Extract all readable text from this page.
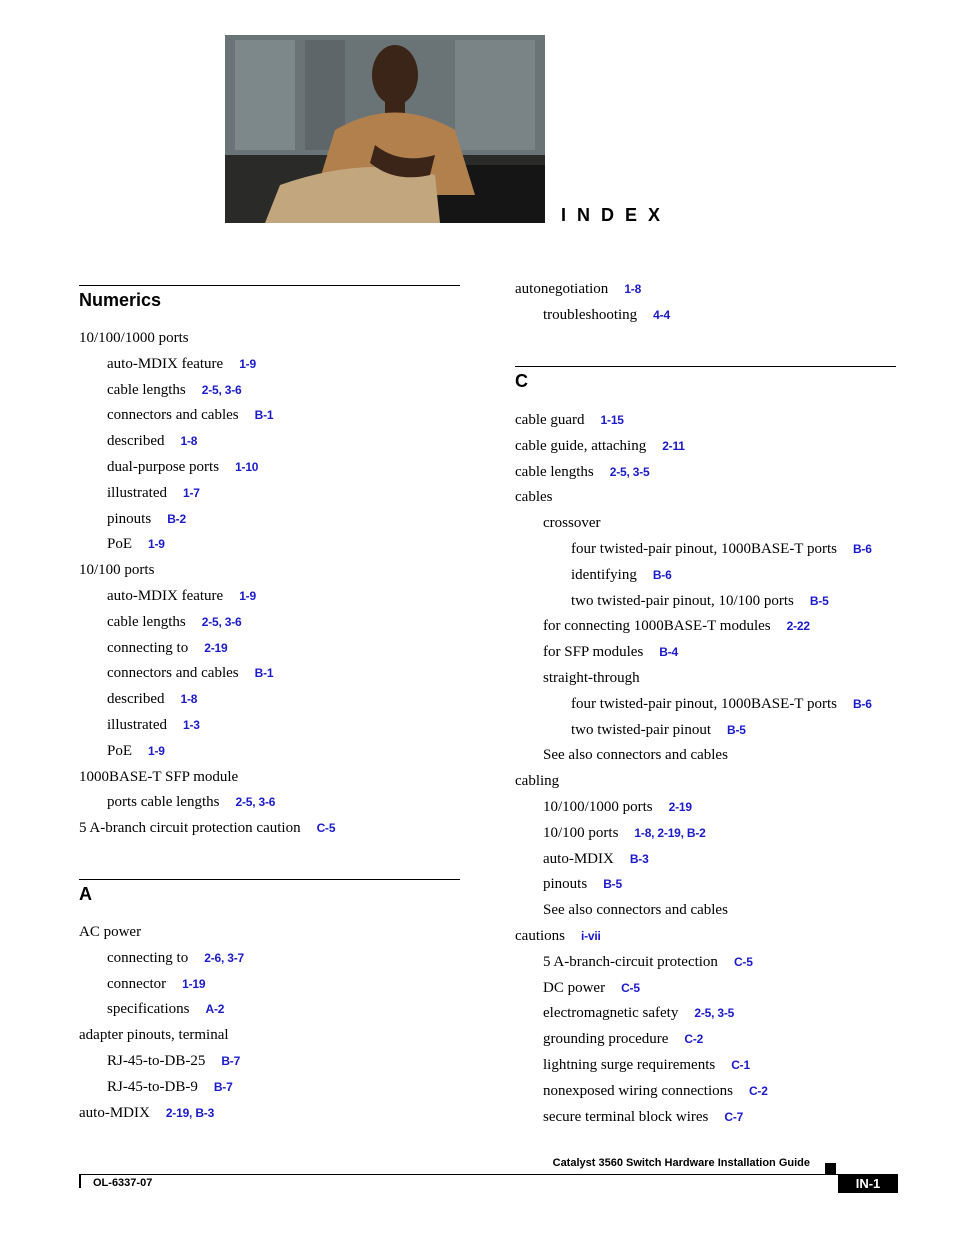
INDEX
Numerics
10/100/1000 ports
auto-MDIX feature 1-9
cable lengths 2-5, 3-6
connectors and cables B-1
described 1-8
dual-purpose ports 1-10
illustrated 1-7
pinouts B-2
PoE 1-9
10/100 ports
auto-MDIX feature 1-9
cable lengths 2-5, 3-6
connecting to 2-19
connectors and cables B-1
described 1-8
illustrated 1-3
PoE 1-9
1000BASE-T SFP module
ports cable lengths 2-5, 3-6
5 A-branch circuit protection caution C-5
A
AC power
connecting to 2-6, 3-7
connector 1-19
specifications A-2
adapter pinouts, terminal
RJ-45-to-DB-25 B-7
RJ-45-to-DB-9 B-7
auto-MDIX 2-19, B-3
autonegotiation 1-8
troubleshooting 4-4
C
cable guard 1-15
cable guide, attaching 2-11
cable lengths 2-5, 3-5
cables
crossover
four twisted-pair pinout, 1000BASE-T ports B-6
identifying B-6
two twisted-pair pinout, 10/100 ports B-5
for connecting 1000BASE-T modules 2-22
for SFP modules B-4
straight-through
four twisted-pair pinout, 1000BASE-T ports B-6
two twisted-pair pinout B-5
See also connectors and cables
cabling
10/100/1000 ports 2-19
10/100 ports 1-8, 2-19, B-2
auto-MDIX B-3
pinouts B-5
See also connectors and cables
cautions i-vii
5 A-branch-circuit protection C-5
DC power C-5
electromagnetic safety 2-5, 3-5
grounding procedure C-2
lightning surge requirements C-1
nonexposed wiring connections C-2
secure terminal block wires C-7
Catalyst 3560 Switch Hardware Installation Guide
OL-6337-07	IN-1
